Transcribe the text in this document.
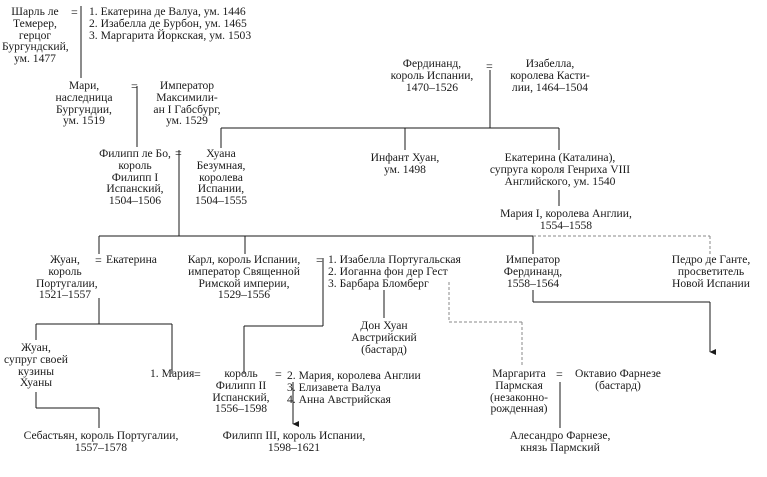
Шарль ле
Темерер,
герцог
Бургундский,
ум. 1477
= 1. Екатерина де Валуа, ум. 1446
2. Изабелла де Бурбон, ум. 1465
3. Маргарита Йоркская, ум. 1503
Мари,
наследница
Бургундии,
ум. 1519
=	Император
Максимили-
ан I Габсбург,
ум. 1529
Фердинанд,
король Испании,
1470–1526
=	Изабелла,
королева Касти-
лии, 1464–1504
Филипп ле Бо,
король
Филипп I
Испанский,
1504–1506
=	Хуана
Безумная,
королева
Испании,
1504–1555
Инфант Хуан,
ум. 1498
Екатерина (Каталина),
супруга короля Генриха VIII
Английского, ум. 1540
Мария I, королева Англии,
1554–1558
Жуан,
король
Португалии,
1521–1557
= Екатерина	Карл, король Испании,
император Священной
Римской империи,
1529–1556
= 1. Изабелла Португальская
2. Иоганна фон дер Гест
3. Барбара Бломберг
Император
Фердинанд,
1558–1564
Педро де Ганте,
просветитель
Новой Испании
Жуан,
супруг своей
кузины
Хуаны
Дон Хуан
Австрийский
(бастард)
1. Мария =	король
Филипп II
Испанский,
1556–1598
= 2. Мария, королева Англии
3. Елизавета Валуа
4. Анна Австрийская
Маргарита
Пармская
(незаконно-
рожденная)
=	Октавио Фарнезе
(бастард)
Себастьян, король Португалии,
1557–1578
Филипп III, король Испании,
1598–1621
Алесандро Фарнезе,
князь Пармский
